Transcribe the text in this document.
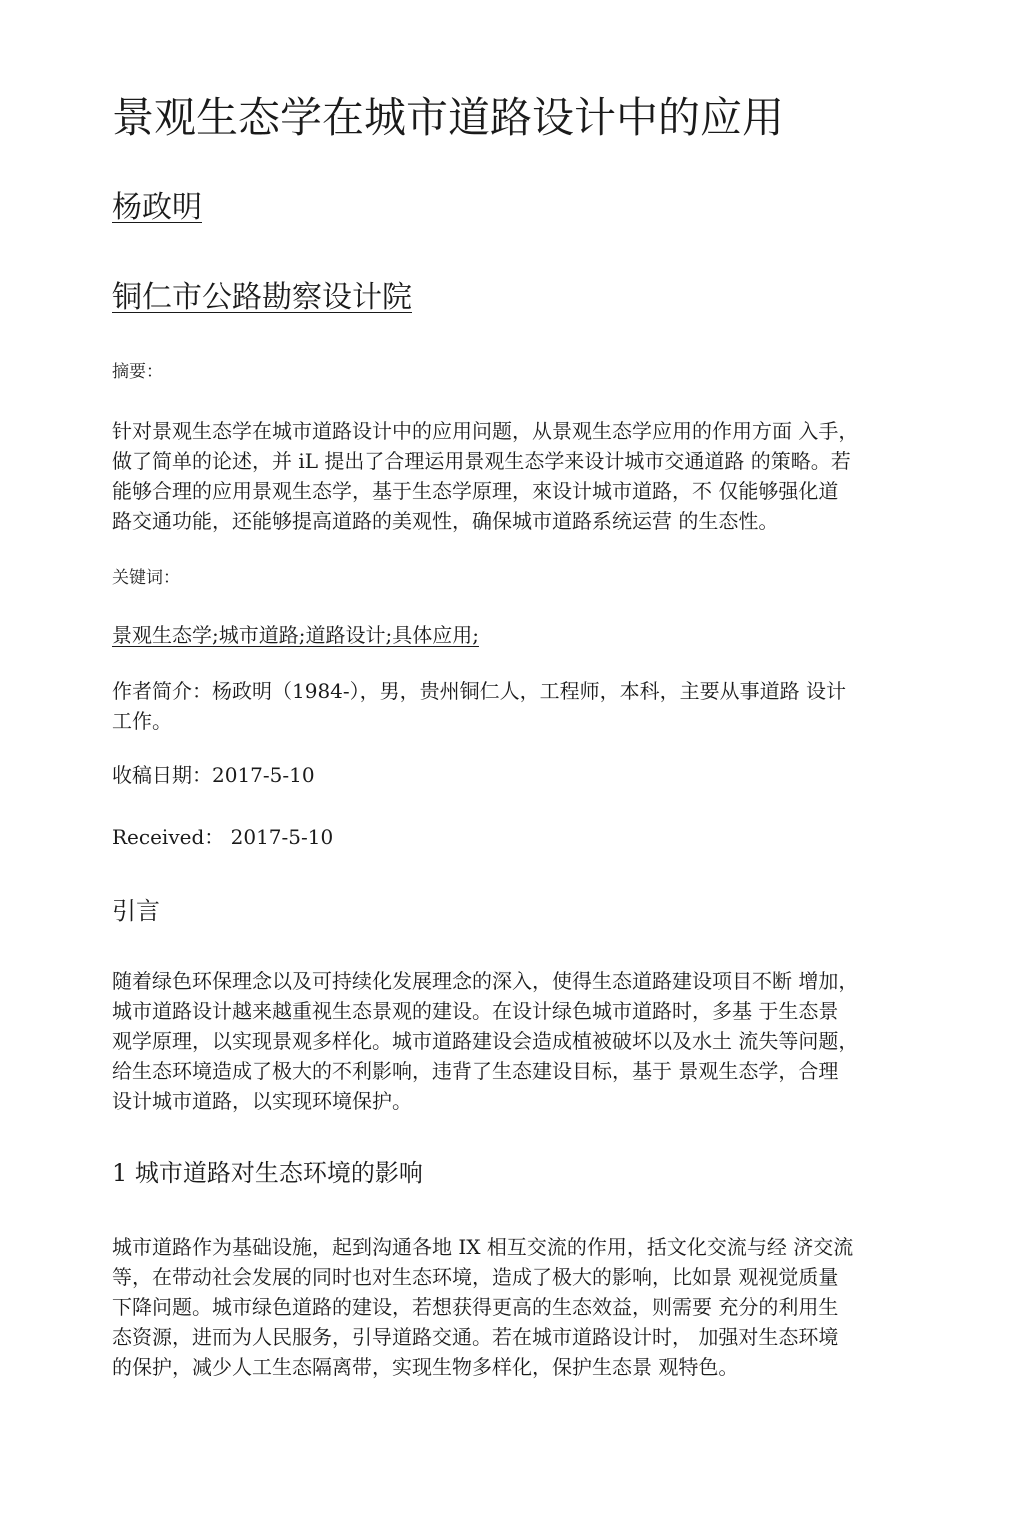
景观生态学在城市道路设计中的应用
杨政明
铜仁市公路勘察设计院
摘要：
针对景观生态学在城市道路设计中的应用问题，从景观生态学应用的作用方面 入手，
做了简单的论述，并 iL 提出了合理运用景观生态学来设计城市交通道路 的策略。若
能够合理的应用景观生态学，基于生态学原理，來设计城市道路，不 仅能够强化道
路交通功能，还能够提高道路的美观性，确保城市道路系统运营 的生态性。
关键词：
景观生态学;城市道路;道路设计;具体应用;
作者简介：杨政明（1984-），男，贵州铜仁人，工程师，本科，主要从事道路 设计
工作。
收稿日期：2017-5-10
Received： 2017-5-10
引言
随着绿色环保理念以及可持续化发展理念的深入，使得生态道路建设项目不断 增加，
城市道路设计越来越重视生态景观的建设。在设计绿色城市道路时，多基 于生态景
观学原理，以实现景观多样化。城市道路建设会造成植被破坏以及水土 流失等问题，
给生态环境造成了极大的不利影响，违背了生态建设目标，基于 景观生态学，合理
设计城市道路，以实现环境保护。
1 城市道路对生态环境的影响
城市道路作为基础设施，起到沟通各地 IX 相互交流的作用，括文化交流与经 济交流
等，在带动社会发展的同时也对生态环境，造成了极大的影响，比如景 观视觉质量
下降问题。城市绿色道路的建设，若想获得更高的生态效益，则需要 充分的利用生
态资源，进而为人民服务，引导道路交通。若在城市道路设计时， 加强对生态环境
的保护，减少人工生态隔离带，实现生物多样化，保护生态景 观特色。
